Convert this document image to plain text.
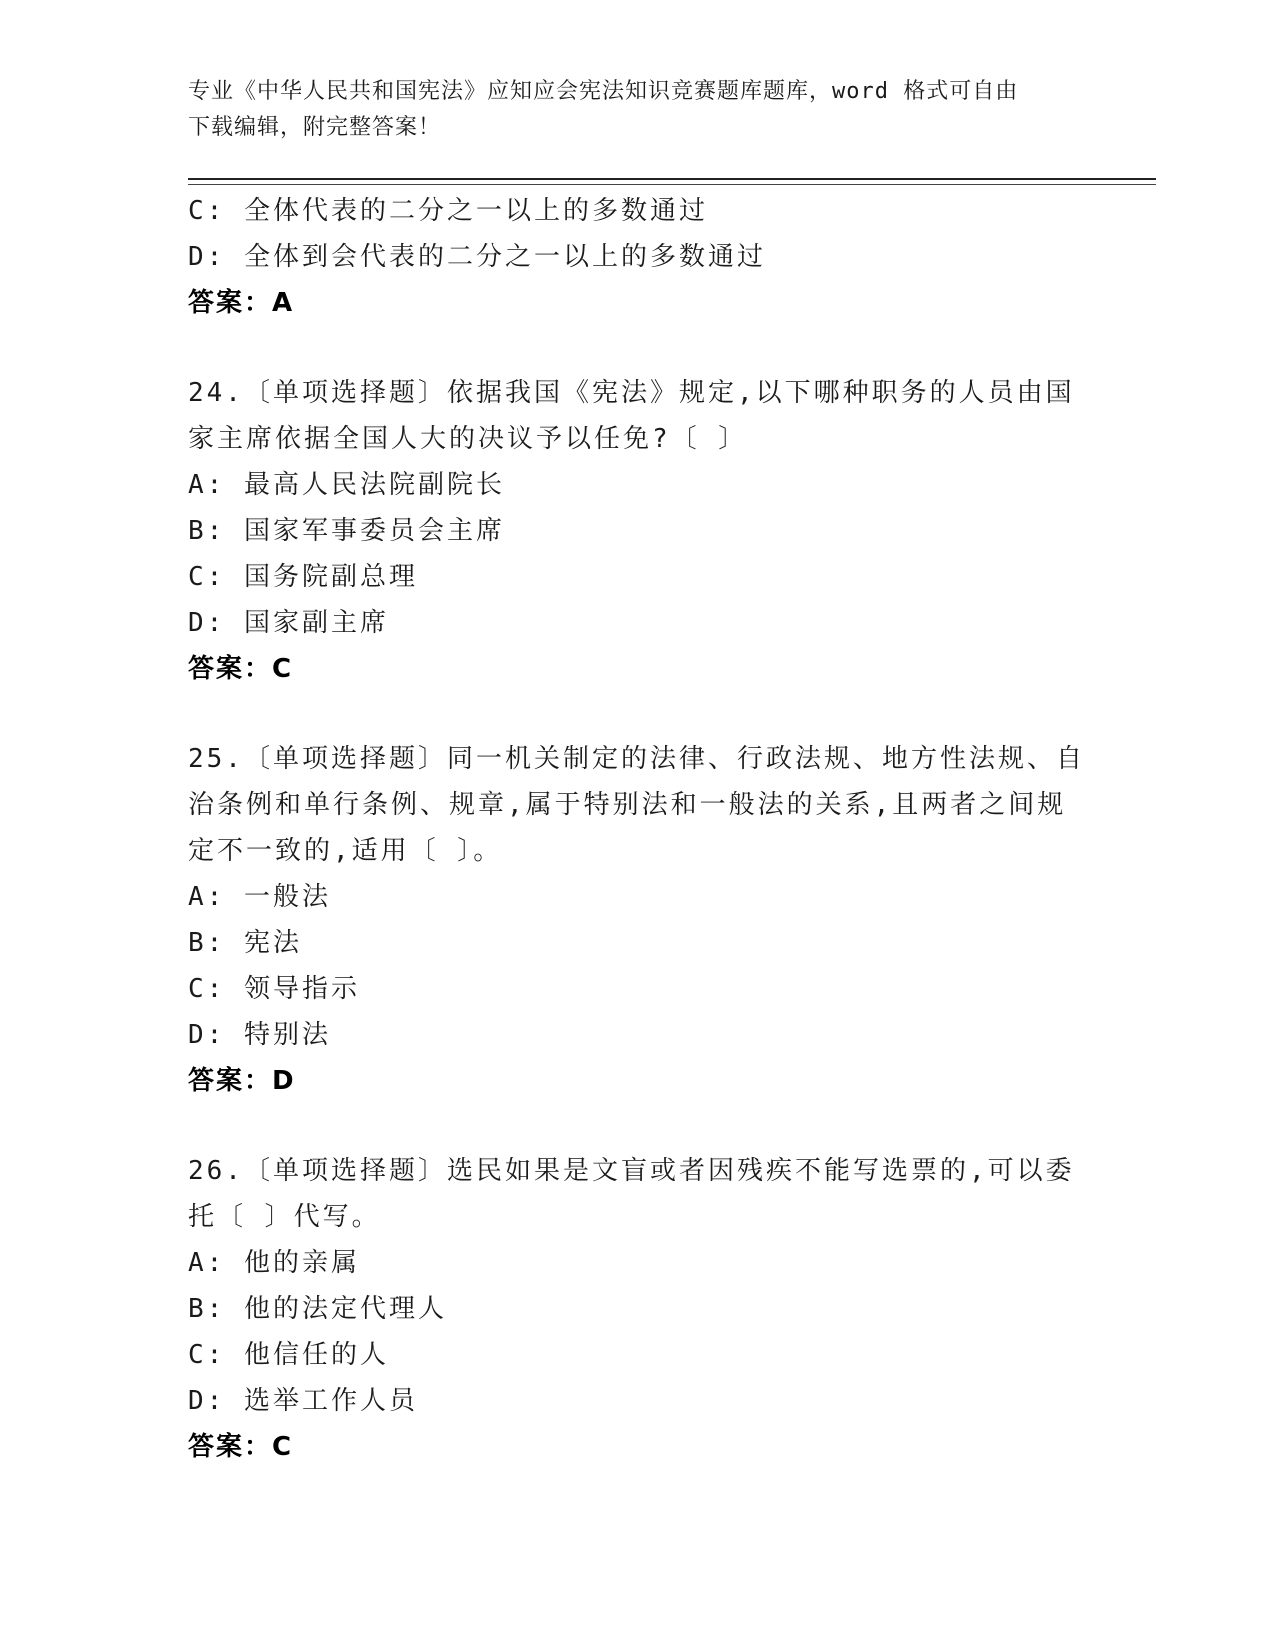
专业《中华人民共和国宪法》应知应会宪法知识竞赛题库题库，word 格式可自由
下载编辑，附完整答案！
C: 全体代表的二分之一以上的多数通过
D: 全体到会代表的二分之一以上的多数通过
答案：A
24.〔单项选择题〕依据我国《宪法》规定,以下哪种职务的人员由国
家主席依据全国人大的决议予以任免?〔 〕
A: 最高人民法院副院长
B: 国家军事委员会主席
C: 国务院副总理
D: 国家副主席
答案：C
25.〔单项选择题〕同一机关制定的法律、行政法规、地方性法规、自
治条例和单行条例、规章,属于特别法和一般法的关系,且两者之间规
定不一致的,适用〔 〕。
A: 一般法
B: 宪法
C: 领导指示
D: 特别法
答案：D
26.〔单项选择题〕选民如果是文盲或者因残疾不能写选票的,可以委
托〔 〕代写。
A: 他的亲属
B: 他的法定代理人
C: 他信任的人
D: 选举工作人员
答案：C
